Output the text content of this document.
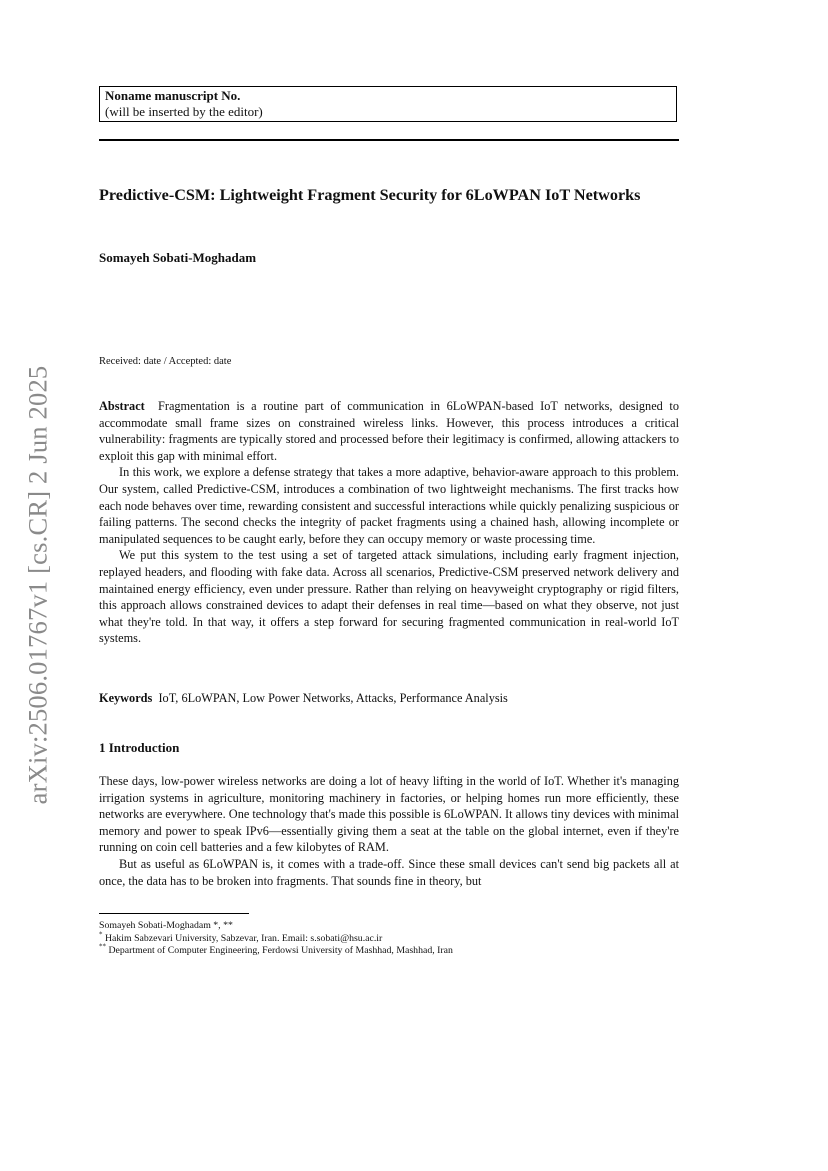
arXiv:2506.01767v1 [cs.CR] 2 Jun 2025
Noname manuscript No.
(will be inserted by the editor)
Predictive-CSM: Lightweight Fragment Security for 6LoWPAN IoT Networks
Somayeh Sobati-Moghadam
Received: date / Accepted: date

Abstract Fragmentation is a routine part of communication in 6LoWPAN-based IoT networks, designed to accommodate small frame sizes on constrained wireless links. However, this process introduces a critical vulnerability: fragments are typically stored and processed before their legitimacy is confirmed, allowing attackers to exploit this gap with minimal effort.

In this work, we explore a defense strategy that takes a more adaptive, behavior-aware approach to this problem. Our system, called Predictive-CSM, introduces a combination of two lightweight mechanisms. The first tracks how each node behaves over time, rewarding consistent and successful interactions while quickly penalizing suspicious or failing patterns. The second checks the integrity of packet fragments using a chained hash, allowing incomplete or manipulated sequences to be caught early, before they can occupy memory or waste processing time.

We put this system to the test using a set of targeted attack simulations, including early fragment injection, replayed headers, and flooding with fake data. Across all scenarios, Predictive-CSM preserved network delivery and maintained energy efficiency, even under pressure. Rather than relying on heavyweight cryptography or rigid filters, this approach allows constrained devices to adapt their defenses in real time—based on what they observe, not just what they're told. In that way, it offers a step forward for securing fragmented communication in real-world IoT systems.

Keywords IoT, 6LoWPAN, Low Power Networks, Attacks, Performance Analysis

1 Introduction

These days, low-power wireless networks are doing a lot of heavy lifting in the world of IoT. Whether it's managing irrigation systems in agriculture, monitoring machinery in factories, or helping homes run more efficiently, these networks are everywhere. One technology that's made this possible is 6LoWPAN. It allows tiny devices with minimal memory and power to speak IPv6—essentially giving them a seat at the table on the global internet, even if they're running on coin cell batteries and a few kilobytes of RAM.

But as useful as 6LoWPAN is, it comes with a trade-off. Since these small devices can't send big packets all at once, the data has to be broken into fragments. That sounds fine in theory, but

Somayeh Sobati-Moghadam *, **
* Hakim Sabzevari University, Sabzevar, Iran. Email: s.sobati@hsu.ac.ir
** Department of Computer Engineering, Ferdowsi University of Mashhad, Mashhad, Iran
